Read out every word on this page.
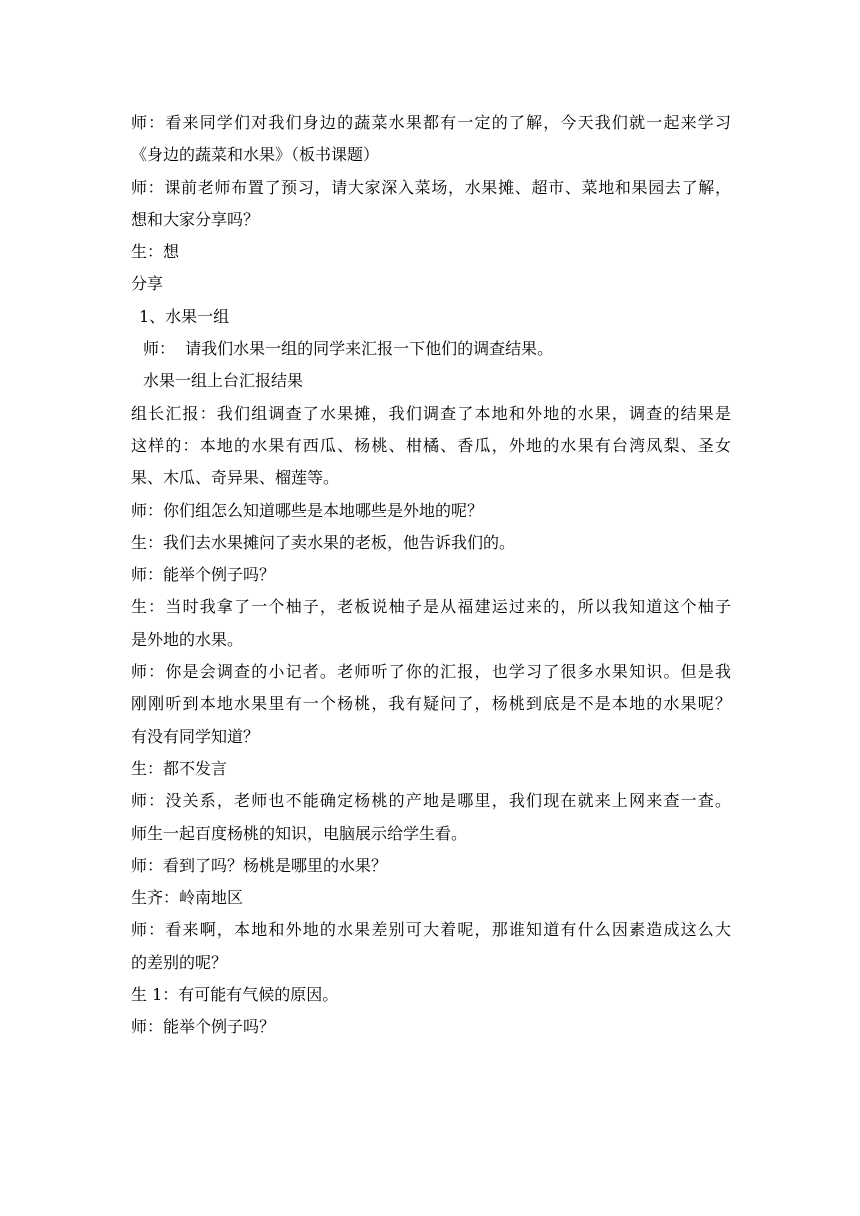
师：看来同学们对我们身边的蔬菜水果都有一定的了解，今天我们就一起来学习
《身边的蔬菜和水果》（板书课题）
师：课前老师布置了预习，请大家深入菜场，水果摊、超市、菜地和果园去了解，
想和大家分享吗？
生：想
分享
1、水果一组
师：  请我们水果一组的同学来汇报一下他们的调查结果。
水果一组上台汇报结果
组长汇报：我们组调查了水果摊，我们调查了本地和外地的水果，调查的结果是
这样的：本地的水果有西瓜、杨桃、柑橘、香瓜，外地的水果有台湾凤梨、圣女
果、木瓜、奇异果、榴莲等。
师：你们组怎么知道哪些是本地哪些是外地的呢？
生：我们去水果摊问了卖水果的老板，他告诉我们的。
师：能举个例子吗？
生：当时我拿了一个柚子，老板说柚子是从福建运过来的，所以我知道这个柚子
是外地的水果。
师：你是会调查的小记者。老师听了你的汇报，也学习了很多水果知识。但是我
刚刚听到本地水果里有一个杨桃，我有疑问了，杨桃到底是不是本地的水果呢？
有没有同学知道？
生：都不发言
师：没关系，老师也不能确定杨桃的产地是哪里，我们现在就来上网来查一查。
师生一起百度杨桃的知识，电脑展示给学生看。
师：看到了吗？杨桃是哪里的水果？
生齐：岭南地区
师：看来啊，本地和外地的水果差别可大着呢，那谁知道有什么因素造成这么大
的差别的呢？
生 1：有可能有气候的原因。
师：能举个例子吗？
